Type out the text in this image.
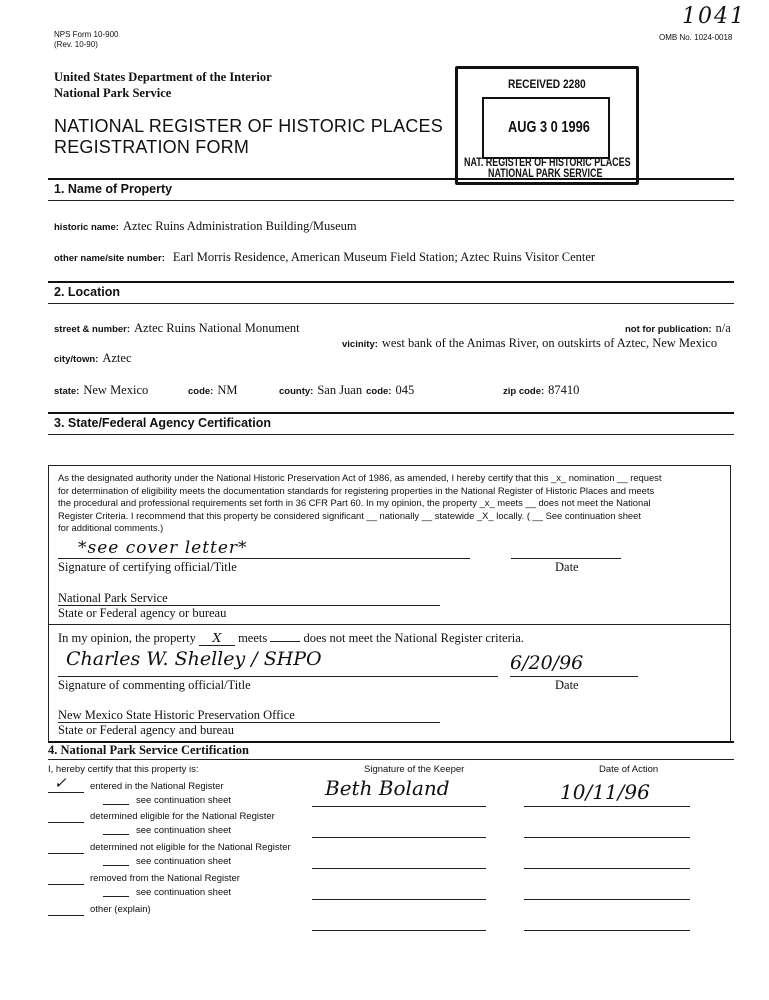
NPS Form 10-900
(Rev. 10-90)
OMB No. 1024-0018
1041
United States Department of the Interior
National Park Service
NATIONAL REGISTER OF HISTORIC PLACES
REGISTRATION FORM
RECEIVED 2280
AUG 3 0 1996
NAT. REGISTER OF HISTORIC PLACES
NATIONAL PARK SERVICE
1. Name of Property
historic name: Aztec Ruins Administration Building/Museum
other name/site number: Earl Morris Residence, American Museum Field Station; Aztec Ruins Visitor Center
2. Location
street & number: Aztec Ruins National Monument	not for publication: n/a
vicinity: west bank of the Animas River, on outskirts of Aztec, New Mexico
city/town: Aztec
state: New Mexico	code: NM	county: San Juan code: 045	zip code: 87410
3. State/Federal Agency Certification
As the designated authority under the National Historic Preservation Act of 1986, as amended, I hereby certify that this _x_ nomination __ request
for determination of eligibility meets the documentation standards for registering properties in the National Register of Historic Places and meets
the procedural and professional requirements set forth in 36 CFR Part 60. In my opinion, the property _x_ meets __ does not meet the National
Register Criteria. I recommend that this property be considered significant __ nationally __ statewide _X_ locally. ( __ See continuation sheet
for additional comments.)
*see cover letter*
Signature of certifying official/Title	Date
National Park Service
State or Federal agency or bureau
In my opinion, the property X meets	does not meet the National Register criteria.
Charles W. Shelley / SHPO	6/20/96
Signature of commenting official/Title	Date
New Mexico State Historic Preservation Office
State or Federal agency and bureau
4. National Park Service Certification
I, hereby certify that this property is:	Signature of the Keeper	Date of Action
Beth Boland	10/11/96
✓ entered in the National Register
see continuation sheet
determined eligible for the National Register
see continuation sheet
determined not eligible for the National Register
see continuation sheet
removed from the National Register
see continuation sheet
other (explain)
